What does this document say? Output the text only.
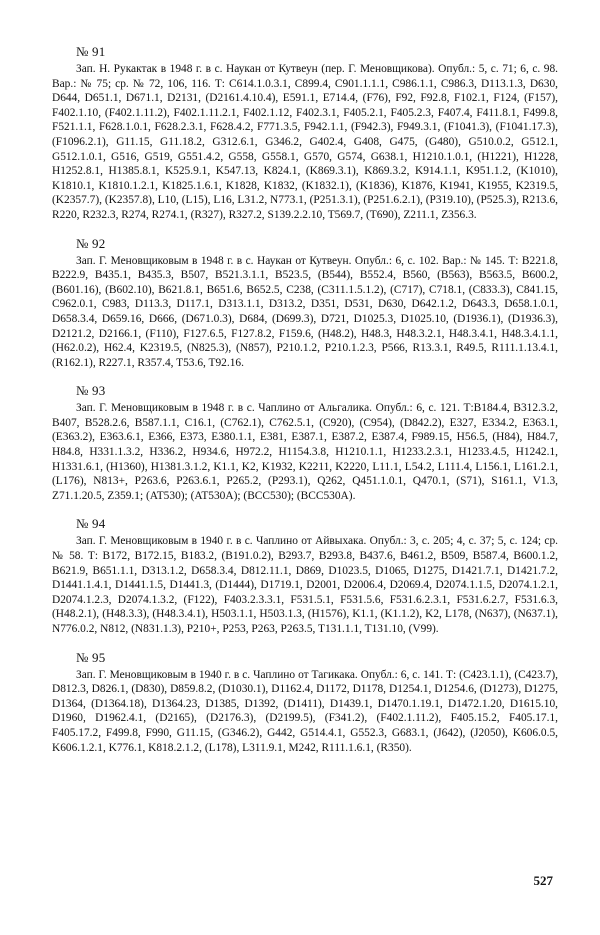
№ 91

Зап. Н. Рукактак в 1948 г. в с. Наукан от Кутвеун (пер. Г. Меновщикова). Опубл.: 5, с. 71; 6, с. 98. Вар.: № 75; ср. № 72, 106, 116. Т: С614.1.0.3.1, С899.4, С901.1.1.1, С986.1.1, С986.3, D113.1.3, D630, D644, D651.1, D671.1, D2131, (D2161.4.10.4), E591.1, E714.4, (F76), F92, F92.8, F102.1, F124, (F157), F402.1.10, (F402.1.11.2), F402.1.11.2.1, F402.1.12, F402.3.1, F405.2.1, F405.2.3, F407.4, F411.8.1, F499.8, F521.1.1, F628.1.0.1, F628.2.3.1, F628.4.2, F771.3.5, F942.1.1, (F942.3), F949.3.1, (F1041.3), (F1041.17.3), (F1096.2.1), G11.15, G11.18.2, G312.6.1, G346.2, G402.4, G408, G475, (G480), G510.0.2, G512.1, G512.1.0.1, G516, G519, G551.4.2, G558, G558.1, G570, G574, G638.1, H1210.1.0.1, (H1221), H1228, H1252.8.1, H1385.8.1, K525.9.1, K547.13, K824.1, (K869.3.1), K869.3.2, K914.1.1, K951.1.2, (K1010), K1810.1, K1810.1.2.1, K1825.1.6.1, K1828, K1832, (K1832.1), (K1836), K1876, K1941, K1955, K2319.5, (K2357.7), (K2357.8), L10, (L15), L16, L31.2, N773.1, (P251.3.1), (P251.6.2.1), (P319.10), (P525.3), R213.6, R220, R232.3, R274, R274.1, (R327), R327.2, S139.2.2.10, T569.7, (T690), Z211.1, Z356.3.

№ 92

Зап. Г. Меновщиковым в 1948 г. в с. Наукан от Кутвеун. Опубл.: 6, с. 102. Вар.: № 145. Т: B221.8, B222.9, B435.1, B435.3, B507, B521.3.1.1, B523.5, (B544), B552.4, B560, (B563), B563.5, B600.2, (B601.16), (B602.10), B621.8.1, B651.6, B652.5, C238, (C311.1.5.1.2), (C717), C718.1, (C833.3), C841.15, C962.0.1, C983, D113.3, D117.1, D313.1.1, D313.2, D351, D531, D630, D642.1.2, D643.3, D658.1.0.1, D658.3.4, D659.16, D666, (D671.0.3), D684, (D699.3), D721, D1025.3, D1025.10, (D1936.1), (D1936.3), D2121.2, D2166.1, (F110), F127.6.5, F127.8.2, F159.6, (H48.2), H48.3, H48.3.2.1, H48.3.4.1, H48.3.4.1.1, (H62.0.2), H62.4, K2319.5, (N825.3), (N857), P210.1.2, P210.1.2.3, P566, R13.3.1, R49.5, R111.1.13.4.1, (R162.1), R227.1, R357.4, T53.6, T92.16.

№ 93

Зап. Г. Меновщиковым в 1948 г. в с. Чаплино от Альгалика. Опубл.: 6, с. 121. Т:B184.4, B312.3.2, B407, B528.2.6, B587.1.1, C16.1, (C762.1), C762.5.1, (C920), (C954), (D842.2), E327, E334.2, E363.1, (E363.2), E363.6.1, E366, E373, E380.1.1, E381, E387.1, E387.2, E387.4, F989.15, H56.5, (H84), H84.7, H84.8, H331.1.3.2, H336.2, H934.6, H972.2, H1154.3.8, H1210.1.1, H1233.2.3.1, H1233.4.5, H1242.1, H1331.6.1, (H1360), H1381.3.1.2, K1.1, K2, K1932, K2211, K2220, L11.1, L54.2, L111.4, L156.1, L161.2.1, (L176), N813+, P263.6, P263.6.1, P265.2, (P293.1), Q262, Q451.1.0.1, Q470.1, (S71), S161.1, V1.3, Z71.1.20.5, Z359.1; (AT530); (AT530A); (BCC530); (BCC530A).

№ 94

Зап. Г. Меновщиковым в 1940 г. в с. Чаплино от Айвыхака. Опубл.: 3, с. 205; 4, с. 37; 5, с. 124; ср. № 58. Т: B172, B172.15, B183.2, (B191.0.2), B293.7, B293.8, B437.6, B461.2, B509, B587.4, B600.1.2, B621.9, B651.1.1, D313.1.2, D658.3.4, D812.11.1, D869, D1023.5, D1065, D1275, D1421.7.1, D1421.7.2, D1441.1.4.1, D1441.1.5, D1441.3, (D1444), D1719.1, D2001, D2006.4, D2069.4, D2074.1.1.5, D2074.1.2.1, D2074.1.2.3, D2074.1.3.2, (F122), F403.2.3.3.1, F531.5.1, F531.5.6, F531.6.2.3.1, F531.6.2.7, F531.6.3, (H48.2.1), (H48.3.3), (H48.3.4.1), H503.1.1, H503.1.3, (H1576), K1.1, (K1.1.2), K2, L178, (N637), (N637.1), N776.0.2, N812, (N831.1.3), P210+, P253, P263, P263.5, T131.1.1, T131.10, (V99).

№ 95

Зап. Г. Меновщиковым в 1940 г. в с. Чаплино от Тагикака. Опубл.: 6, с. 141. Т: (C423.1.1), (C423.7), D812.3, D826.1, (D830), D859.8.2, (D1030.1), D1162.4, D1172, D1178, D1254.1, D1254.6, (D1273), D1275, D1364, (D1364.18), D1364.23, D1385, D1392, (D1411), D1439.1, D1470.1.19.1, D1472.1.20, D1615.10, D1960, D1962.4.1, (D2165), (D2176.3), (D2199.5), (F341.2), (F402.1.11.2), F405.15.2, F405.17.1, F405.17.2, F499.8, F990, G11.15, (G346.2), G442, G514.4.1, G552.3, G683.1, (J642), (J2050), K606.0.5, K606.1.2.1, K776.1, K818.2.1.2, (L178), L311.9.1, M242, R111.1.6.1, (R350).

527
